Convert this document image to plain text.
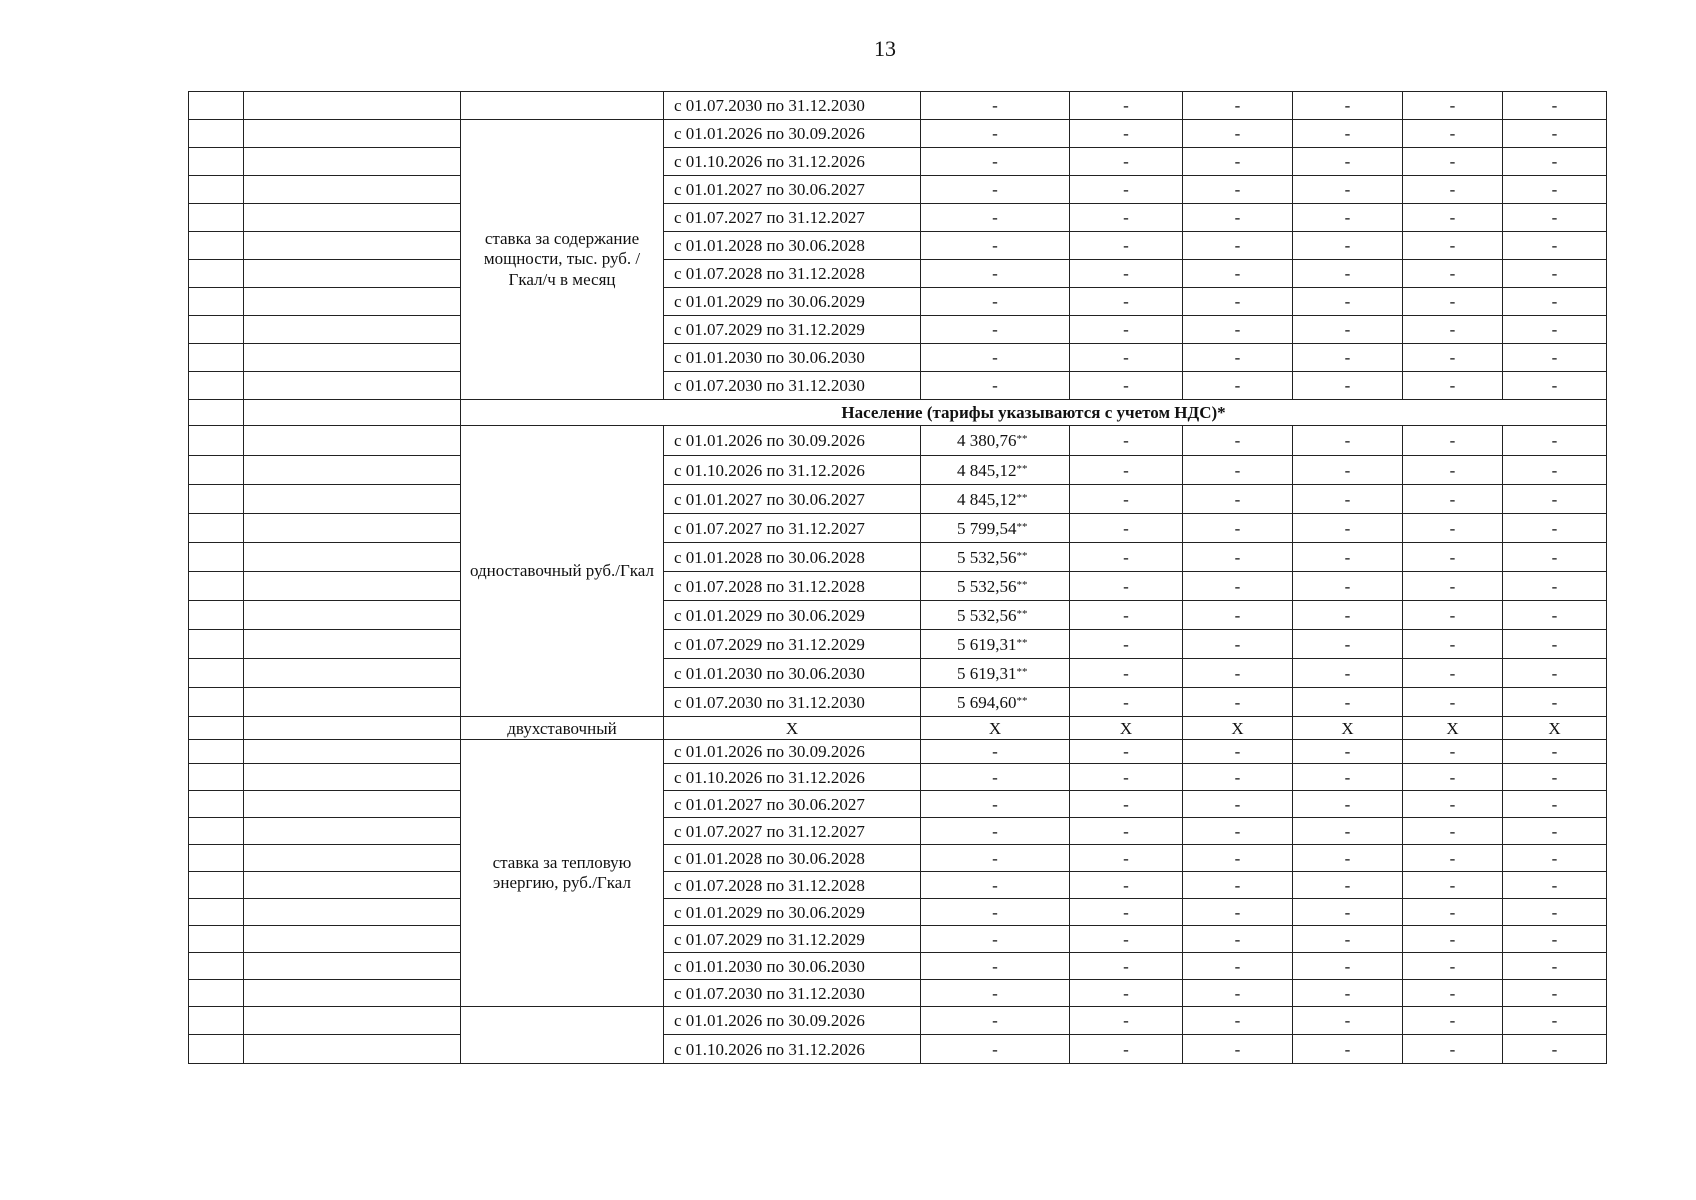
13
			с 01.07.2030 по 31.12.2030	-	-	-	-	-	-
		ставка за содержание мощности, тыс. руб. /Гкал/ч в месяц	с 01.01.2026 по 30.09.2026	-	-	-	-	-	-
			с 01.10.2026 по 31.12.2026	-	-	-	-	-	-
			с 01.01.2027 по 30.06.2027	-	-	-	-	-	-
			с 01.07.2027 по 31.12.2027	-	-	-	-	-	-
			с 01.01.2028 по 30.06.2028	-	-	-	-	-	-
			с 01.07.2028 по 31.12.2028	-	-	-	-	-	-
			с 01.01.2029 по 30.06.2029	-	-	-	-	-	-
			с 01.07.2029 по 31.12.2029	-	-	-	-	-	-
			с 01.01.2030 по 30.06.2030	-	-	-	-	-	-
			с 01.07.2030 по 31.12.2030	-	-	-	-	-	-
		Население (тарифы указываются с учетом НДС)*							
		одноставочный руб./Гкал	с 01.01.2026 по 30.09.2026	4 380,76**	-	-	-	-	-
			с 01.10.2026 по 31.12.2026	4 845,12**	-	-	-	-	-
			с 01.01.2027 по 30.06.2027	4 845,12**	-	-	-	-	-
			с 01.07.2027 по 31.12.2027	5 799,54**	-	-	-	-	-
			с 01.01.2028 по 30.06.2028	5 532,56**	-	-	-	-	-
			с 01.07.2028 по 31.12.2028	5 532,56**	-	-	-	-	-
			с 01.01.2029 по 30.06.2029	5 532,56**	-	-	-	-	-
			с 01.07.2029 по 31.12.2029	5 619,31**	-	-	-	-	-
			с 01.01.2030 по 30.06.2030	5 619,31**	-	-	-	-	-
			с 01.07.2030 по 31.12.2030	5 694,60**	-	-	-	-	-
		двухставочный	X	X	X	X	X	X	X
		ставка за тепловую энергию, руб./Гкал	с 01.01.2026 по 30.09.2026	-	-	-	-	-	-
			с 01.10.2026 по 31.12.2026	-	-	-	-	-	-
			с 01.01.2027 по 30.06.2027	-	-	-	-	-	-
			с 01.07.2027 по 31.12.2027	-	-	-	-	-	-
			с 01.01.2028 по 30.06.2028	-	-	-	-	-	-
			с 01.07.2028 по 31.12.2028	-	-	-	-	-	-
			с 01.01.2029 по 30.06.2029	-	-	-	-	-	-
			с 01.07.2029 по 31.12.2029	-	-	-	-	-	-
			с 01.01.2030 по 30.06.2030	-	-	-	-	-	-
			с 01.07.2030 по 31.12.2030	-	-	-	-	-	-
			с 01.01.2026 по 30.09.2026	-	-	-	-	-	-
			с 01.10.2026 по 31.12.2026	-	-	-	-	-	-
